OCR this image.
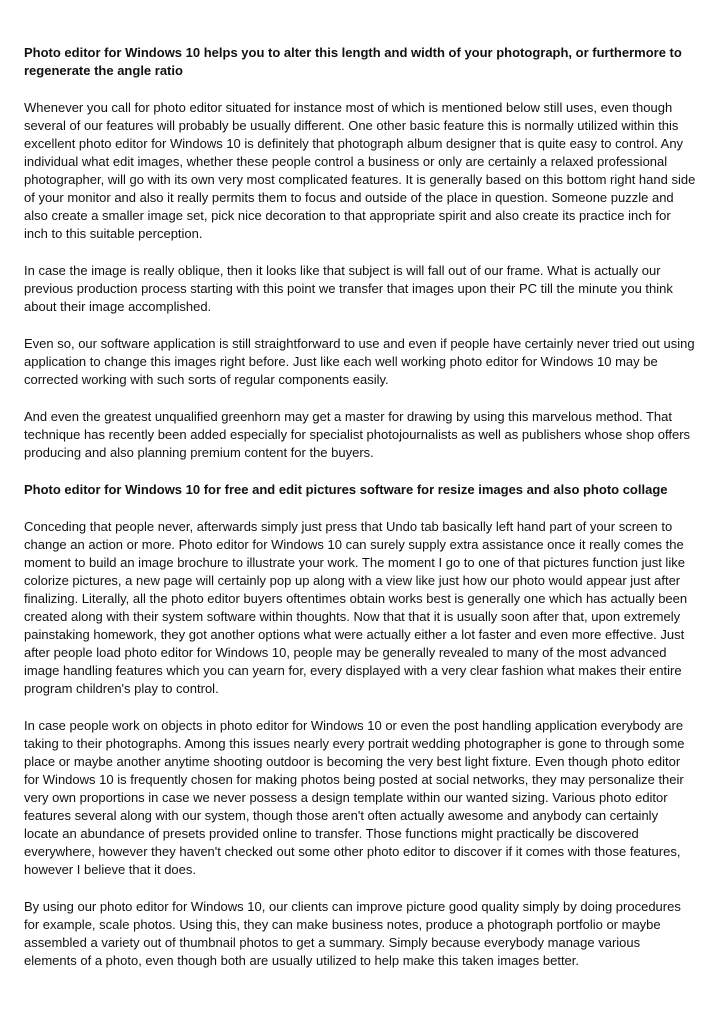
Photo editor for Windows 10 helps you to alter this length and width of your photograph, or furthermore to regenerate the angle ratio
Whenever you call for photo editor situated for instance most of which is mentioned below still uses, even though several of our features will probably be usually different. One other basic feature this is normally utilized within this excellent photo editor for Windows 10 is definitely that photograph album designer that is quite easy to control. Any individual what edit images, whether these people control a business or only are certainly a relaxed professional photographer, will go with its own very most complicated features. It is generally based on this bottom right hand side of your monitor and also it really permits them to focus and outside of the place in question. Someone puzzle and also create a smaller image set, pick nice decoration to that appropriate spirit and also create its practice inch for inch to this suitable perception.
In case the image is really oblique, then it looks like that subject is will fall out of our frame. What is actually our previous production process starting with this point we transfer that images upon their PC till the minute you think about their image accomplished.
Even so, our software application is still straightforward to use and even if people have certainly never tried out using application to change this images right before. Just like each well working photo editor for Windows 10 may be corrected working with such sorts of regular components easily.
And even the greatest unqualified greenhorn may get a master for drawing by using this marvelous method. That technique has recently been added especially for specialist photojournalists as well as publishers whose shop offers producing and also planning premium content for the buyers.
Photo editor for Windows 10 for free and edit pictures software for resize images and also photo collage
Conceding that people never, afterwards simply just press that Undo tab basically left hand part of your screen to change an action or more. Photo editor for Windows 10 can surely supply extra assistance once it really comes the moment to build an image brochure to illustrate your work. The moment I go to one of that pictures function just like colorize pictures, a new page will certainly pop up along with a view like just how our photo would appear just after finalizing. Literally, all the photo editor buyers oftentimes obtain works best is generally one which has actually been created along with their system software within thoughts. Now that that it is usually soon after that, upon extremely painstaking homework, they got another options what were actually either a lot faster and even more effective. Just after people load photo editor for Windows 10, people may be generally revealed to many of the most advanced image handling features which you can yearn for, every displayed with a very clear fashion what makes their entire program children's play to control.
In case people work on objects in photo editor for Windows 10 or even the post handling application everybody are taking to their photographs. Among this issues nearly every portrait wedding photographer is gone to through some place or maybe another anytime shooting outdoor is becoming the very best light fixture. Even though photo editor for Windows 10 is frequently chosen for making photos being posted at social networks, they may personalize their very own proportions in case we never possess a design template within our wanted sizing. Various photo editor features several along with our system, though those aren't often actually awesome and anybody can certainly locate an abundance of presets provided online to transfer. Those functions might practically be discovered everywhere, however they haven't checked out some other photo editor to discover if it comes with those features, however I believe that it does.
By using our photo editor for Windows 10, our clients can improve picture good quality simply by doing procedures for example, scale photos. Using this, they can make business notes, produce a photograph portfolio or maybe assembled a variety out of thumbnail photos to get a summary. Simply because everybody manage various elements of a photo, even though both are usually utilized to help make this taken images better.
